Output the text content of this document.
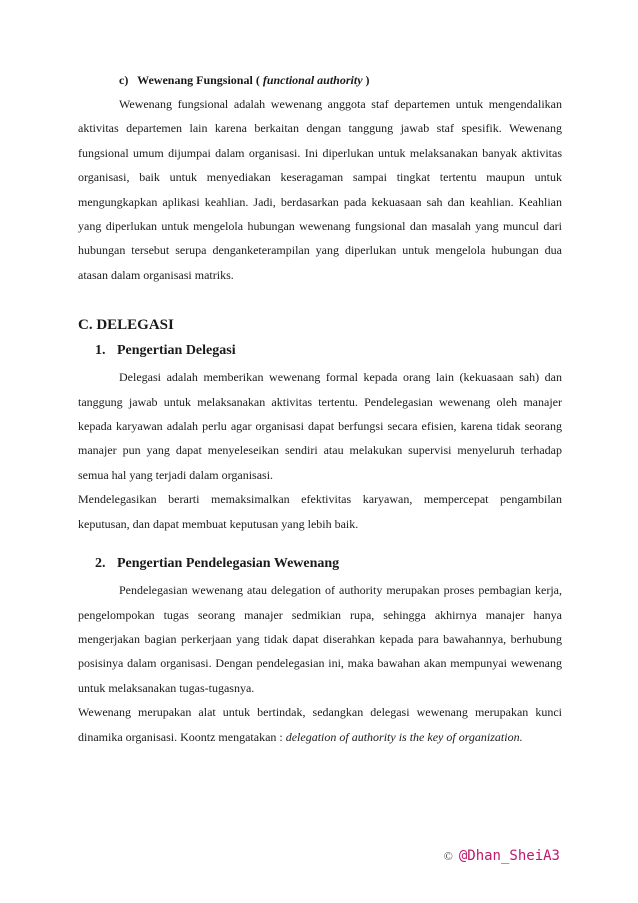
c) Wewenang Fungsional ( functional authority )

Wewenang fungsional adalah wewenang anggota staf departemen untuk mengendalikan aktivitas departemen lain karena berkaitan dengan tanggung jawab staf spesifik. Wewenang fungsional umum dijumpai dalam organisasi. Ini diperlukan untuk melaksanakan banyak aktivitas organisasi, baik untuk menyediakan keseragaman sampai tingkat tertentu maupun untuk mengungkapkan aplikasi keahlian. Jadi, berdasarkan pada kekuasaan sah dan keahlian. Keahlian yang diperlukan untuk mengelola hubungan wewenang fungsional dan masalah yang muncul dari hubungan tersebut serupa denganketerampilan yang diperlukan untuk mengelola hubungan dua atasan dalam organisasi matriks.

C. DELEGASI
1. Pengertian Delegasi

Delegasi adalah memberikan wewenang formal kepada orang lain (kekuasaan sah) dan tanggung jawab untuk melaksanakan aktivitas tertentu. Pendelegasian wewenang oleh manajer kepada karyawan adalah perlu agar organisasi dapat berfungsi secara efisien, karena tidak seorang manajer pun yang dapat menyeleseikan sendiri atau melakukan supervisi menyeluruh terhadap semua hal yang terjadi dalam organisasi.

Mendelegasikan berarti memaksimalkan efektivitas karyawan, mempercepat pengambilan keputusan, dan dapat membuat keputusan yang lebih baik.

2. Pengertian Pendelegasian Wewenang

Pendelegasian wewenang atau delegation of authority merupakan proses pembagian kerja, pengelompokan tugas seorang manajer sedmikian rupa, sehingga akhirnya manajer hanya mengerjakan bagian perkerjaan yang tidak dapat diserahkan kepada para bawahannya, berhubung posisinya dalam organisasi. Dengan pendelegasian ini, maka bawahan akan mempunyai wewenang untuk melaksanakan tugas-tugasnya.

Wewenang merupakan alat untuk bertindak, sedangkan delegasi wewenang merupakan kunci dinamika organisasi. Koontz mengatakan : delegation of authority is the key of organization.

© @Dhan_SheiA3
